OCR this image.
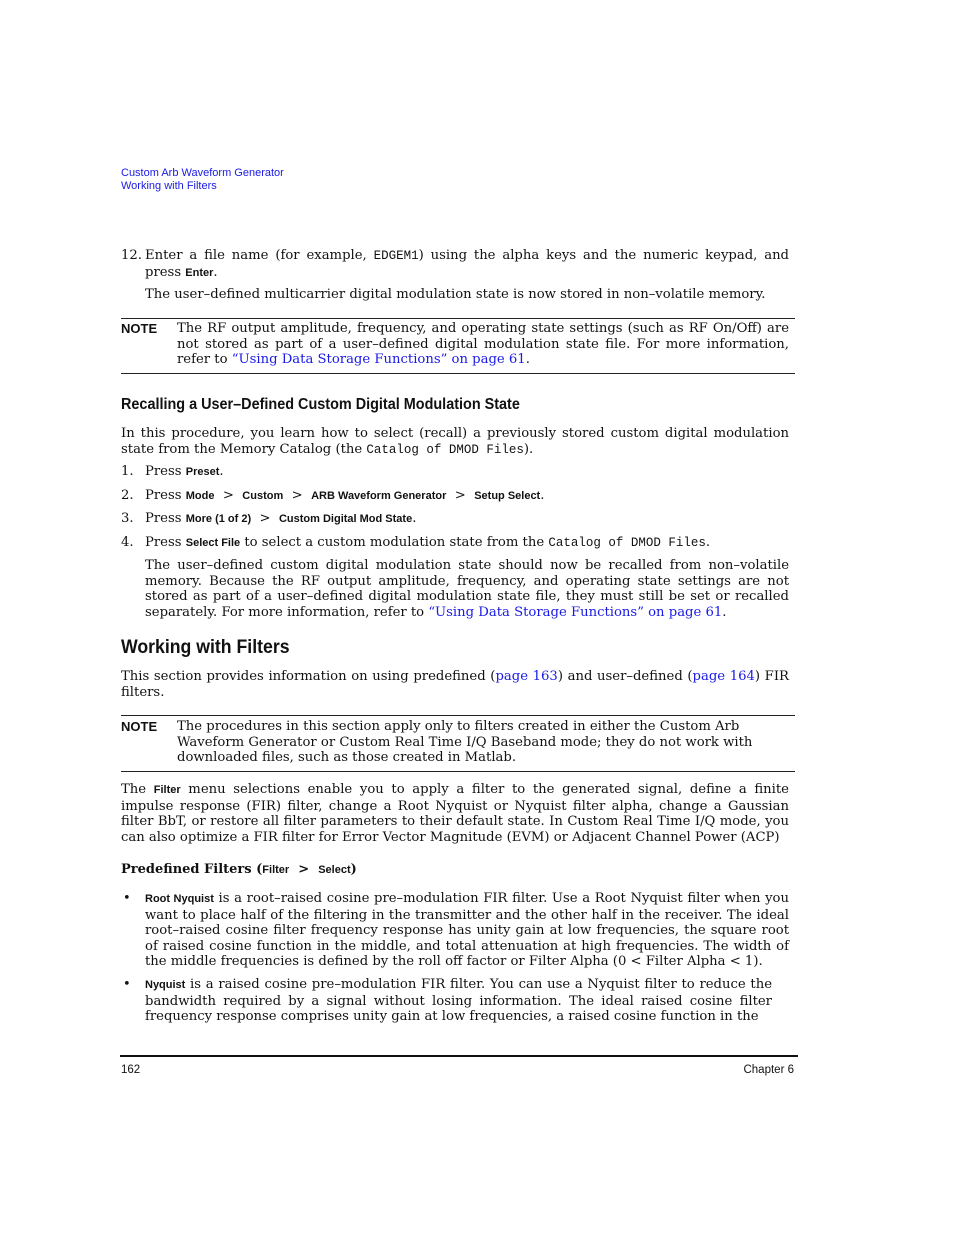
Custom Arb Waveform Generator
Working with Filters
12. Enter a file name (for example, EDGEM1) using the alpha keys and the numeric keypad, and press Enter.
The user–defined multicarrier digital modulation state is now stored in non–volatile memory.
NOTE The RF output amplitude, frequency, and operating state settings (such as RF On/Off) are not stored as part of a user–defined digital modulation state file. For more information, refer to “Using Data Storage Functions” on page 61.
Recalling a User–Defined Custom Digital Modulation State
In this procedure, you learn how to select (recall) a previously stored custom digital modulation state from the Memory Catalog (the Catalog of DMOD Files).
1. Press Preset.
2. Press Mode  >  Custom  >  ARB Waveform Generator  >  Setup Select.
3. Press More (1 of 2)  >  Custom Digital Mod State.
4. Press Select File to select a custom modulation state from the Catalog of DMOD Files.
The user–defined custom digital modulation state should now be recalled from non–volatile memory. Because the RF output amplitude, frequency, and operating state settings are not stored as part of a user–defined digital modulation state file, they must still be set or recalled separately. For more information, refer to “Using Data Storage Functions” on page 61.
Working with Filters
This section provides information on using predefined (page 163) and user–defined (page 164) FIR filters.
NOTE The procedures in this section apply only to filters created in either the Custom Arb Waveform Generator or Custom Real Time I/Q Baseband mode; they do not work with downloaded files, such as those created in Matlab.
The Filter menu selections enable you to apply a filter to the generated signal, define a finite impulse response (FIR) filter, change a Root Nyquist or Nyquist filter alpha, change a Gaussian filter BbT, or restore all filter parameters to their default state. In Custom Real Time I/Q mode, you can also optimize a FIR filter for Error Vector Magnitude (EVM) or Adjacent Channel Power (ACP)
Predefined Filters (Filter  >  Select)
• Root Nyquist is a root–raised cosine pre–modulation FIR filter. Use a Root Nyquist filter when you want to place half of the filtering in the transmitter and the other half in the receiver. The ideal root–raised cosine filter frequency response has unity gain at low frequencies, the square root of raised cosine function in the middle, and total attenuation at high frequencies. The width of the middle frequencies is defined by the roll off factor or Filter Alpha (0 < Filter Alpha < 1).
• Nyquist is a raised cosine pre–modulation FIR filter. You can use a Nyquist filter to reduce the bandwidth required by a signal without losing information. The ideal raised cosine filter frequency response comprises unity gain at low frequencies, a raised cosine function in the
162	Chapter 6
